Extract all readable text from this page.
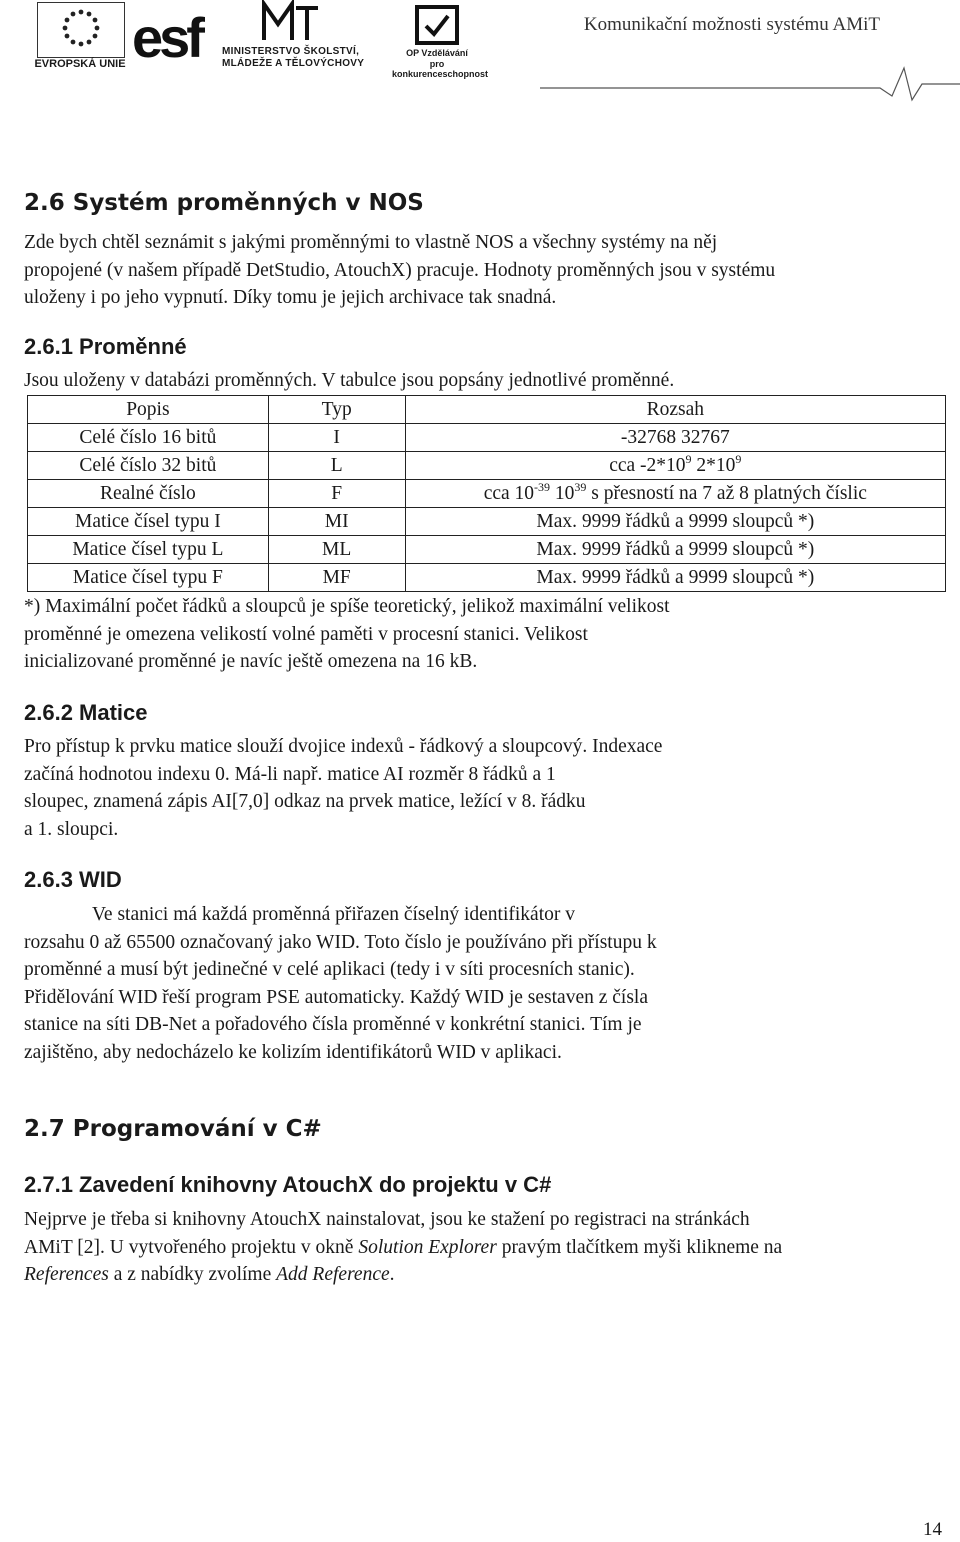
EVROPSKÁ UNIE esf MINISTERSTVO ŠKOLSTVÍ,
MLÁDEŽE A TĚLOVÝCHOVY
OP Vzdělávání
pro konkurenceschopnost
Komunikační možnosti systému AMiT
2.6 Systém proměnných v NOS
Zde bych chtěl seznámit s jakými proměnnými to vlastně NOS a všechny systémy na něj
propojené (v našem případě DetStudio, AtouchX) pracuje. Hodnoty proměnných jsou v systému
uloženy i po jeho vypnutí. Díky tomu je jejich archivace tak snadná.
2.6.1 Proměnné
Jsou uloženy v databázi proměnných. V tabulce jsou popsány jednotlivé proměnné.
Popis	Typ	Rozsah
Celé číslo 16 bitů	I	-32768 32767
Celé číslo 32 bitů	L	cca $-2*10^9$ $2*10^9$
Realné číslo	F	cca $10^{-39}$ $10^{39}$ s přesností na 7 až 8 platných číslic
Matice čísel typu I	MI	Max. 9999 řádků a 9999 sloupců *)
Matice čísel typu L	ML	Max. 9999 řádků a 9999 sloupců *)
Matice čísel typu F	MF	Max. 9999 řádků a 9999 sloupců *)
*) Maximální počet řádků a sloupců je spíše teoretický, jelikož maximální velikost
proměnné je omezena velikostí volné paměti v procesní stanici. Velikost
inicializované proměnné je navíc ještě omezena na 16 kB.
2.6.2 Matice
Pro přístup k prvku matice slouží dvojice indexů - řádkový a sloupcový. Indexace
začíná hodnotou indexu 0. Má-li např. matice AI rozměr 8 řádků a 1
sloupec, znamená zápis AI[7,0] odkaz na prvek matice, ležící v 8. řádku
a 1. sloupci.
2.6.3 WID
Ve stanici má každá proměnná přiřazen číselný identifikátor v
rozsahu 0 až 65500 označovaný jako WID. Toto číslo je používáno při přístupu k
proměnné a musí být jedinečné v celé aplikaci (tedy i v síti procesních stanic).
Přidělování WID řeší program PSE automaticky. Každý WID je sestaven z čísla
stanice na síti DB-Net a pořadového čísla proměnné v konkrétní stanici. Tím je
zajištěno, aby nedocházelo ke kolizím identifikátorů WID v aplikaci.
2.7 Programování v C#
2.7.1 Zavedení knihovny AtouchX do projektu v C#
Nejprve je třeba si knihovny AtouchX nainstalovat, jsou ke stažení po registraci na stránkách
AMiT [2]. U vytvořeného projektu v okně Solution Explorer pravým tlačítkem myši klikneme na
References a z nabídky zvolíme Add Reference.
14
